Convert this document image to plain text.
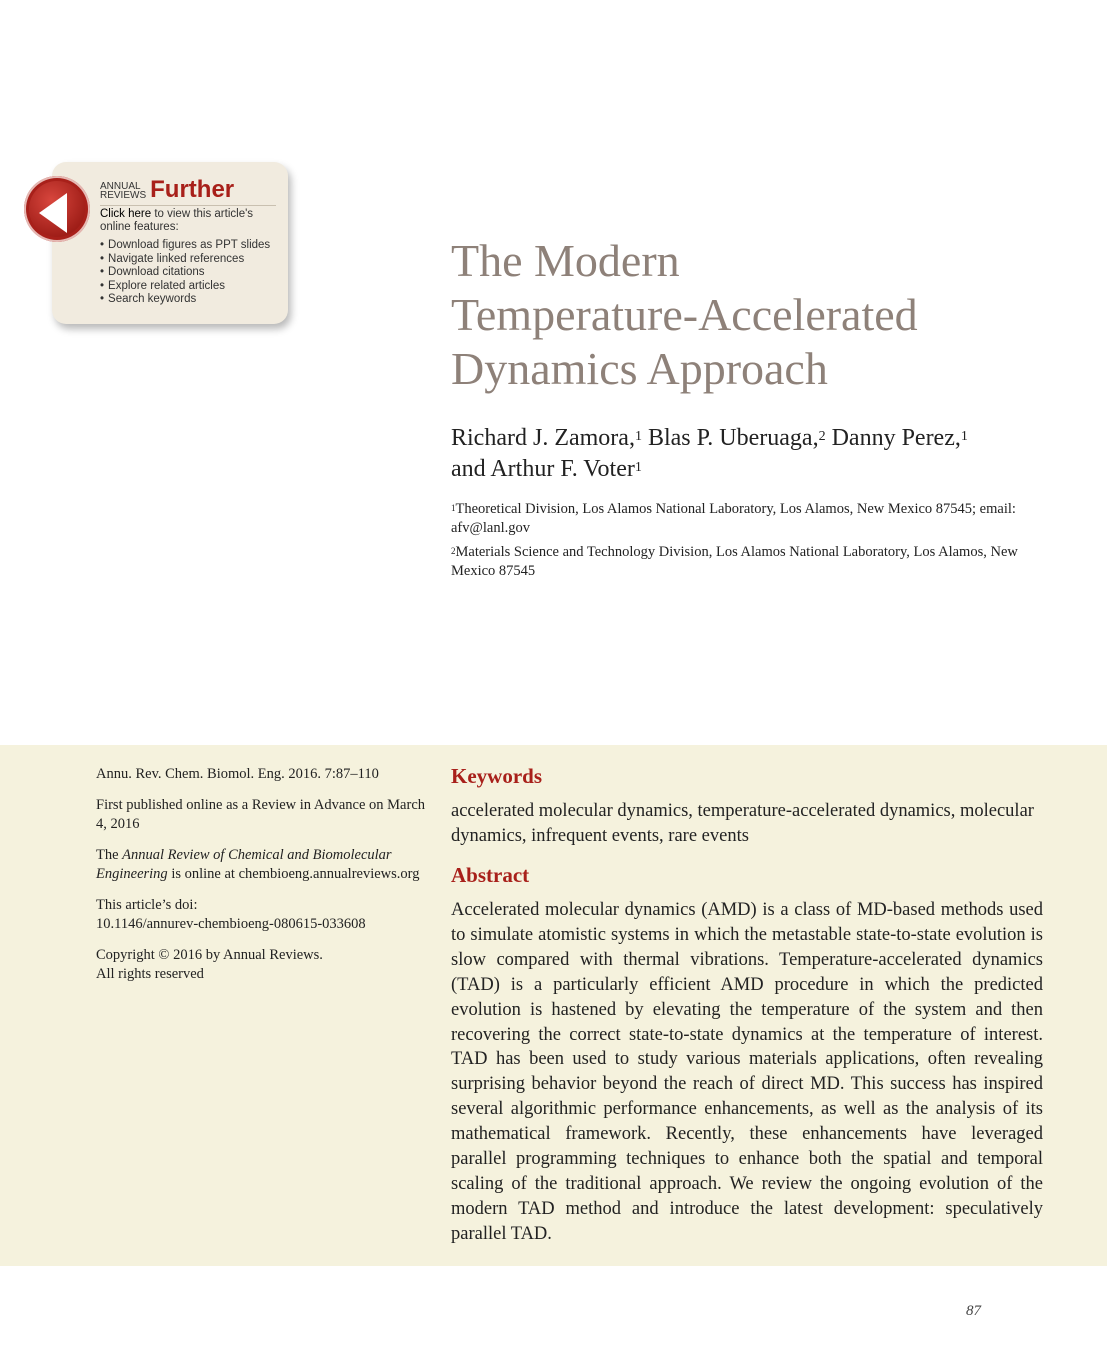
ANNUAL
REVIEWS Further
Click here to view this article's online features:
• Download figures as PPT slides
• Navigate linked references
• Download citations
• Explore related articles
• Search keywords
The Modern
Temperature-Accelerated
Dynamics Approach
Richard J. Zamora,$^1$ Blas P. Uberuaga,$^2$ Danny Perez,$^1$
and Arthur F. Voter$^1$
$^1$Theoretical Division, Los Alamos National Laboratory, Los Alamos, New Mexico 87545; email: afv@lanl.gov
$^2$Materials Science and Technology Division, Los Alamos National Laboratory, Los Alamos, New Mexico 87545

Annu. Rev. Chem. Biomol. Eng. 2016. 7:87–110

First published online as a Review in Advance on March 4, 2016

The Annual Review of Chemical and Biomolecular Engineering is online at chembioeng.annualreviews.org

This article’s doi:
10.1146/annurev-chembioeng-080615-033608

Copyright © 2016 by Annual Reviews.
All rights reserved

Keywords
accelerated molecular dynamics, temperature-accelerated dynamics, molecular dynamics, infrequent events, rare events
Abstract
Accelerated molecular dynamics (AMD) is a class of MD-based methods used to simulate atomistic systems in which the metastable state-to-state evolution is slow compared with thermal vibrations. Temperature-accelerated dynamics (TAD) is a particularly efficient AMD procedure in which the predicted evolution is hastened by elevating the temperature of the system and then recovering the correct state-to-state dynamics at the temperature of interest. TAD has been used to study various materials applications, often revealing surprising behavior beyond the reach of direct MD. This success has inspired several algorithmic performance enhancements, as well as the analysis of its mathematical framework. Recently, these enhancements have leveraged parallel programming techniques to enhance both the spatial and temporal scaling of the traditional approach. We review the ongoing evolution of the modern TAD method and introduce the latest development: speculatively parallel TAD.
87
